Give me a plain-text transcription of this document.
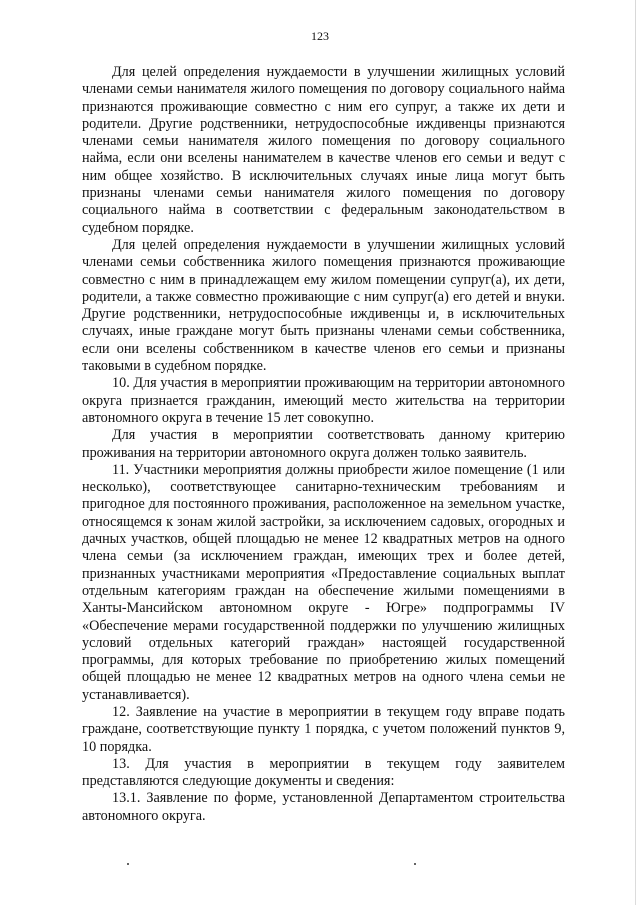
123

Для целей определения нуждаемости в улучшении жилищных условий членами семьи нанимателя жилого помещения по договору социального найма признаются проживающие совместно с ним его супруг, а также их дети и родители. Другие родственники, нетрудоспособные иждивенцы признаются членами семьи нанимателя жилого помещения по договору социального найма, если они вселены нанимателем в качестве членов его семьи и ведут с ним общее хозяйство. В исключительных случаях иные лица могут быть признаны членами семьи нанимателя жилого помещения по договору социального найма в соответствии с федеральным законодательством в судебном порядке.

Для целей определения нуждаемости в улучшении жилищных условий членами семьи собственника жилого помещения признаются проживающие совместно с ним в принадлежащем ему жилом помещении супруг(а), их дети, родители, а также совместно проживающие с ним супруг(а) его детей и внуки. Другие родственники, нетрудоспособные иждивенцы и, в исключительных случаях, иные граждане могут быть признаны членами семьи собственника, если они вселены собственником в качестве членов его семьи и признаны таковыми в судебном порядке.

10. Для участия в мероприятии проживающим на территории автономного округа признается гражданин, имеющий место жительства на территории автономного округа в течение 15 лет совокупно.

Для участия в мероприятии соответствовать данному критерию проживания на территории автономного округа должен только заявитель.

11. Участники мероприятия должны приобрести жилое помещение (1 или несколько), соответствующее санитарно-техническим требованиям и пригодное для постоянного проживания, расположенное на земельном участке, относящемся к зонам жилой застройки, за исключением садовых, огородных и дачных участков, общей площадью не менее 12 квадратных метров на одного члена семьи (за исключением граждан, имеющих трех и более детей, признанных участниками мероприятия «Предоставление социальных выплат отдельным категориям граждан на обеспечение жилыми помещениями в Ханты-Мансийском автономном округе - Югре» подпрограммы IV «Обеспечение мерами государственной поддержки по улучшению жилищных условий отдельных категорий граждан» настоящей государственной программы, для которых требование по приобретению жилых помещений общей площадью не менее 12 квадратных метров на одного члена семьи не устанавливается).

12. Заявление на участие в мероприятии в текущем году вправе подать граждане, соответствующие пункту 1 порядка, с учетом положений пунктов 9, 10 порядка.

13. Для участия в мероприятии в текущем году заявителем представляются следующие документы и сведения:

13.1. Заявление по форме, установленной Департаментом строительства автономного округа.
